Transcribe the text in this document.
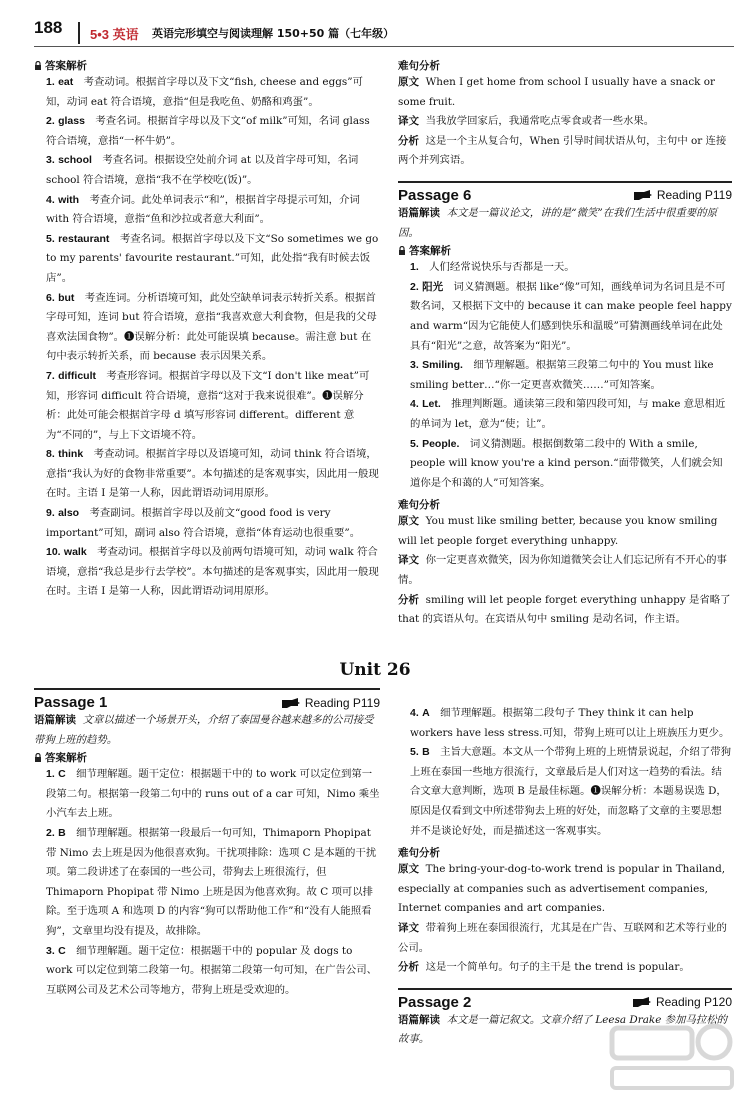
188 5•3 英语 英语完形填空与阅读理解 150+50 篇（七年级）

答案解析

1. eat  考查动词。根据首字母以及下文“fish, cheese and eggs”可知，动词 eat 符合语境，意指“但是我吃鱼、奶酪和鸡蛋”。

2. glass  考查名词。根据首字母以及下文“of milk”可知，名词 glass 符合语境，意指“一杯牛奶”。

3. school  考查名词。根据设空处前介词 at 以及首字母可知，名词 school 符合语境，意指“我不在学校吃(饭)”。

4. with  考查介词。此处单词表示“和”，根据首字母提示可知，介词 with 符合语境，意指“鱼和沙拉或者意大利面”。

5. restaurant  考查名词。根据首字母以及下文“So sometimes we go to my parents' favourite restaurant.”可知，此处指“我有时候去饭店”。

6. but  考查连词。分析语境可知，此处空缺单词表示转折关系。根据首字母可知，连词 but 符合语境，意指“我喜欢意大利食物，但是我的父母喜欢法国食物”。❶误解分析：此处可能误填 because。需注意 but 在句中表示转折关系，而 because 表示因果关系。

7. difficult  考查形容词。根据首字母以及下文“I don't like meat”可知，形容词 difficult 符合语境，意指“这对于我来说很难”。❶误解分析：此处可能会根据首字母 d 填写形容词 different。different 意为“不同的”，与上下文语境不符。

8. think  考查动词。根据首字母以及语境可知，动词 think 符合语境，意指“我认为好的食物非常重要”。本句描述的是客观事实，因此用一般现在时。主语 I 是第一人称，因此谓语动词用原形。

9. also  考查副词。根据首字母以及前文“good food is very important”可知，副词 also 符合语境，意指“体育运动也很重要”。

10. walk  考查动词。根据首字母以及前两句语境可知，动词 walk 符合语境，意指“我总是步行去学校”。本句描述的是客观事实，因此用一般现在时。主语 I 是第一人称，因此谓语动词用原形。

难句分析

原文 When I get home from school I usually have a snack or some fruit.

译文 当我放学回家后，我通常吃点零食或者一些水果。

分析 这是一个主从复合句，When 引导时间状语从句，主句中 or 连接两个并列宾语。

Passage 6	Reading P119

语篇解读 本文是一篇议论文，讲的是“微笑”在我们生活中很重要的原因。

答案解析

1.  人们经常说快乐与否都是一天。

2. 阳光  词义猜测题。根据 like“像”可知，画线单词为名词且是不可数名词，又根据下文中的 because it can make people feel happy and warm“因为它能使人们感到快乐和温暖”可猜测画线单词在此处具有“阳光”之意，故答案为“阳光”。

3. Smiling.  细节理解题。根据第三段第二句中的 You must like smiling better…“你一定更喜欢微笑……”可知答案。

4. Let.  推理判断题。通读第三段和第四段可知，与 make 意思相近的单词为 let，意为“使；让”。

5. People.  词义猜测题。根据倒数第二段中的 With a smile, people will know you're a kind person.“面带微笑，人们就会知道你是个和蔼的人”可知答案。

难句分析

原文 You must like smiling better, because you know smiling will let people forget everything unhappy.

译文 你一定更喜欢微笑，因为你知道微笑会让人们忘记所有不开心的事情。

分析 smiling will let people forget everything unhappy 是省略了 that 的宾语从句。在宾语从句中 smiling 是动名词，作主语。

Unit 26
Passage 1	Reading P119

语篇解读 文章以描述一个场景开头，介绍了泰国曼谷越来越多的公司接受带狗上班的趋势。

答案解析

1. C  细节理解题。题干定位：根据题干中的 to work 可以定位到第一段第二句。根据第一段第二句中的 runs out of a car 可知，Nimo 乘坐小汽车去上班。

2. B  细节理解题。根据第一段最后一句可知，Thimaporn Phopipat 带 Nimo 去上班是因为他很喜欢狗。干扰项排除：选项 C 是本题的干扰项。第二段讲述了在泰国的一些公司，带狗去上班很流行，但 Thimaporn Phopipat 带 Nimo 上班是因为他喜欢狗。故 C 项可以排除。至于选项 A 和选项 D 的内容“狗可以帮助他工作”和“没有人能照看狗”，文章里均没有提及，故排除。

3. C  细节理解题。题干定位：根据题干中的 popular 及 dogs to work 可以定位到第二段第一句。根据第二段第一句可知，在广告公司、互联网公司及艺术公司等地方，带狗上班是受欢迎的。

4. A  细节理解题。根据第二段句子 They think it can help workers have less stress.可知，带狗上班可以让上班族压力更少。

5. B  主旨大意题。本文从一个带狗上班的上班情景说起，介绍了带狗上班在泰国一些地方很流行，文章最后是人们对这一趋势的看法。结合文章大意判断，选项 B 是最佳标题。❶误解分析：本题易误选 D，原因是仅看到文中所述带狗去上班的好处，而忽略了文章的主要思想并不是谈论好处，而是描述这一客观事实。

难句分析

原文 The bring-your-dog-to-work trend is popular in Thailand, especially at companies such as advertisement companies, Internet companies and art companies.

译文 带着狗上班在泰国很流行，尤其是在广告、互联网和艺术等行业的公司。

分析 这是一个简单句。句子的主干是 the trend is popular。

Passage 2	Reading P120

语篇解读 本文是一篇记叙文。文章介绍了 Leesa Drake 参加马拉松的故事。
